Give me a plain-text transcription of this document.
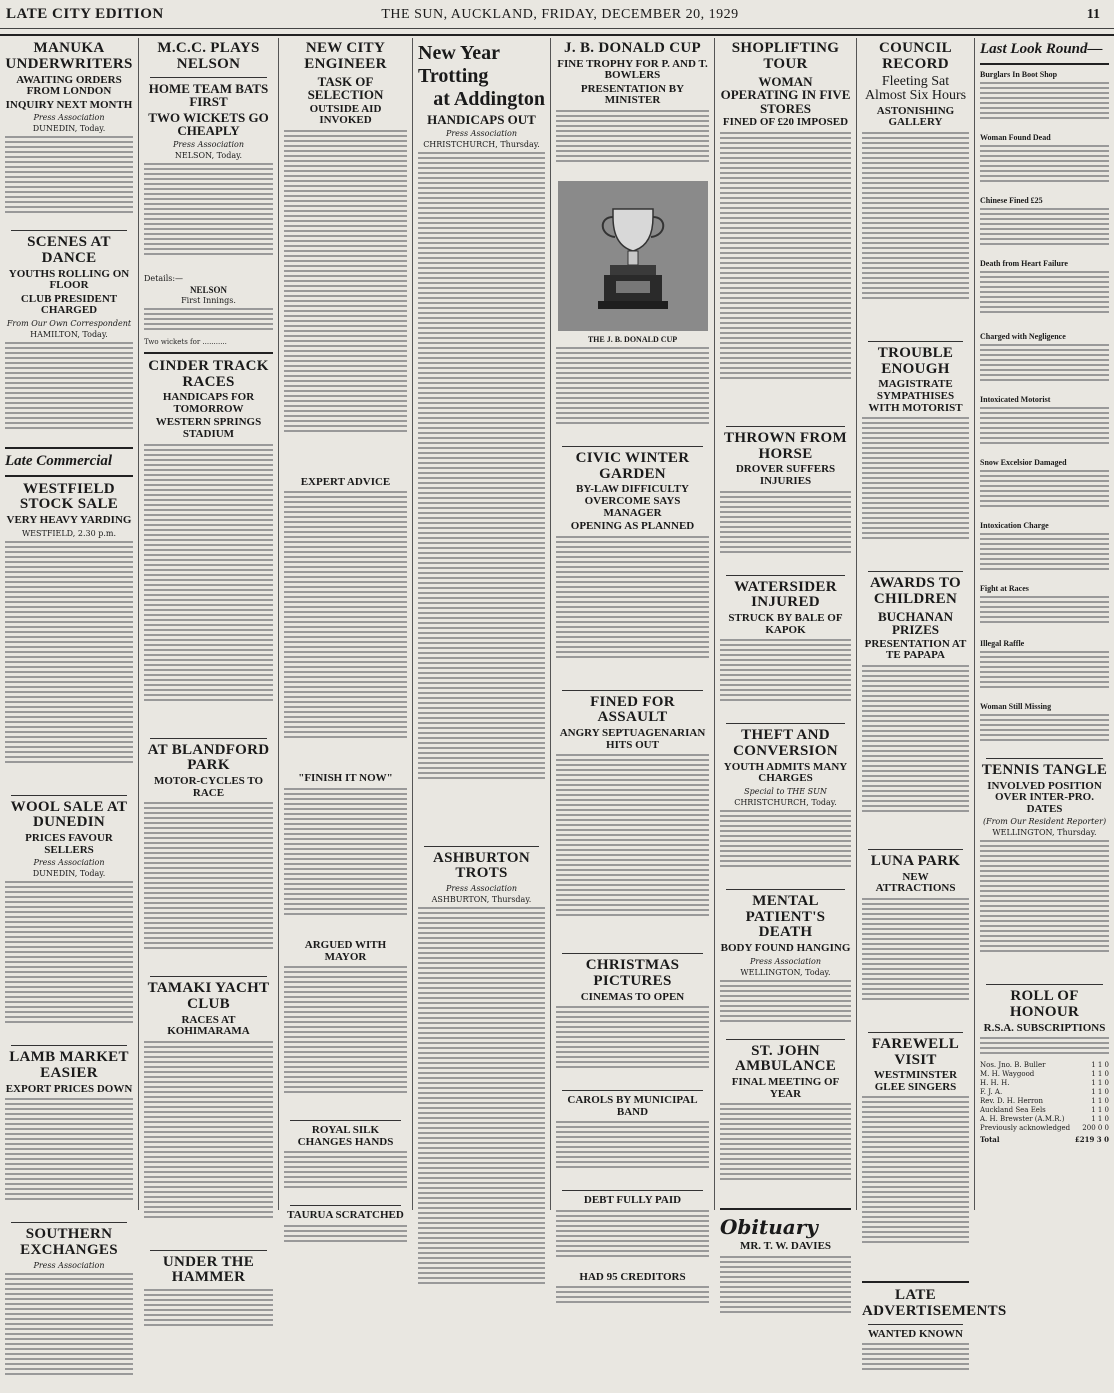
LATE CITY EDITION	THE SUN, AUCKLAND, FRIDAY, DECEMBER 20, 1929	11
MANUKA UNDERWRITERS
AWAITING ORDERS FROM LONDON
INQUIRY NEXT MONTH
Press Association
DUNEDIN, Today.
SCENES AT DANCE
YOUTHS ROLLING ON FLOOR
CLUB PRESIDENT CHARGED
From Our Own Correspondent
HAMILTON, Today.
Late Commercial
WESTFIELD STOCK SALE
VERY HEAVY YARDING
WESTFIELD, 2.30 p.m.
WOOL SALE AT DUNEDIN
PRICES FAVOUR SELLERS
Press Association
DUNEDIN, Today.
LAMB MARKET EASIER
EXPORT PRICES DOWN
SOUTHERN EXCHANGES
Press Association
M.C.C. PLAYS NELSON
HOME TEAM BATS FIRST
TWO WICKETS GO CHEAPLY
Press Association
NELSON, Today.
Details:—
NELSON
First Innings.
Two wickets for ...........
CINDER TRACK RACES
HANDICAPS FOR TOMORROW
WESTERN SPRINGS STADIUM
AT BLANDFORD PARK
MOTOR-CYCLES TO RACE
TAMAKI YACHT CLUB
RACES AT KOHIMARAMA
UNDER THE HAMMER
NEW CITY ENGINEER
TASK OF SELECTION
OUTSIDE AID INVOKED
EXPERT ADVICE
"FINISH IT NOW"
ARGUED WITH MAYOR
ROYAL SILK CHANGES HANDS
TAURUA SCRATCHED
New Year Trotting
at Addington
HANDICAPS OUT
Press Association
CHRISTCHURCH, Thursday.
ASHBURTON TROTS
Press Association
ASHBURTON, Thursday.
J. B. DONALD CUP
FINE TROPHY FOR P. AND T. BOWLERS
PRESENTATION BY MINISTER
THE J. B. DONALD CUP
CIVIC WINTER GARDEN
BY-LAW DIFFICULTY OVERCOME SAYS MANAGER
OPENING AS PLANNED
FINED FOR ASSAULT
ANGRY SEPTUAGENARIAN HITS OUT
CHRISTMAS PICTURES
CINEMAS TO OPEN
CAROLS BY MUNICIPAL BAND
DEBT FULLY PAID
HAD 95 CREDITORS
SHOPLIFTING TOUR
WOMAN OPERATING IN FIVE STORES
FINED OF £20 IMPOSED
THROWN FROM HORSE
DROVER SUFFERS INJURIES
WATERSIDER INJURED
STRUCK BY BALE OF KAPOK
THEFT AND CONVERSION
YOUTH ADMITS MANY CHARGES
Special to THE SUN
CHRISTCHURCH, Today.
MENTAL PATIENT'S DEATH
BODY FOUND HANGING
Press Association
WELLINGTON, Today.
ST. JOHN AMBULANCE
FINAL MEETING OF YEAR
Obituary
MR. T. W. DAVIES
COUNCIL RECORD
Fleeting Sat Almost Six Hours
ASTONISHING GALLERY
TROUBLE ENOUGH
MAGISTRATE SYMPATHISES WITH MOTORIST
AWARDS TO CHILDREN
BUCHANAN PRIZES
PRESENTATION AT TE PAPAPA
LUNA PARK
NEW ATTRACTIONS
FAREWELL VISIT
WESTMINSTER GLEE SINGERS
LATE ADVERTISEMENTS
WANTED KNOWN
Last Look Round—
Burglars In Boot Shop
Woman Found Dead
Chinese Fined £25
Death from Heart Failure
Charged with Negligence
Intoxicated Motorist
Snow Excelsior Damaged
Intoxication Charge
Fight at Races
Illegal Raffle
Woman Still Missing
TENNIS TANGLE
INVOLVED POSITION OVER INTER-PRO. DATES
(From Our Resident Reporter)
WELLINGTON, Thursday.
ROLL OF HONOUR
R.S.A. SUBSCRIPTIONS
Nos. Jno. B. Buller	1 1 0
M. H. Waygood	1 1 0
H. H. H.	1 1 0
F. J. A.	1 1 0
Rev. D. H. Herron	1 1 0
Auckland Sea Eels	1 1 0
A. H. Brewster (A.M.R.)	1 1 0
Previously acknowledged 200 0 0
Total	£219 3 0
